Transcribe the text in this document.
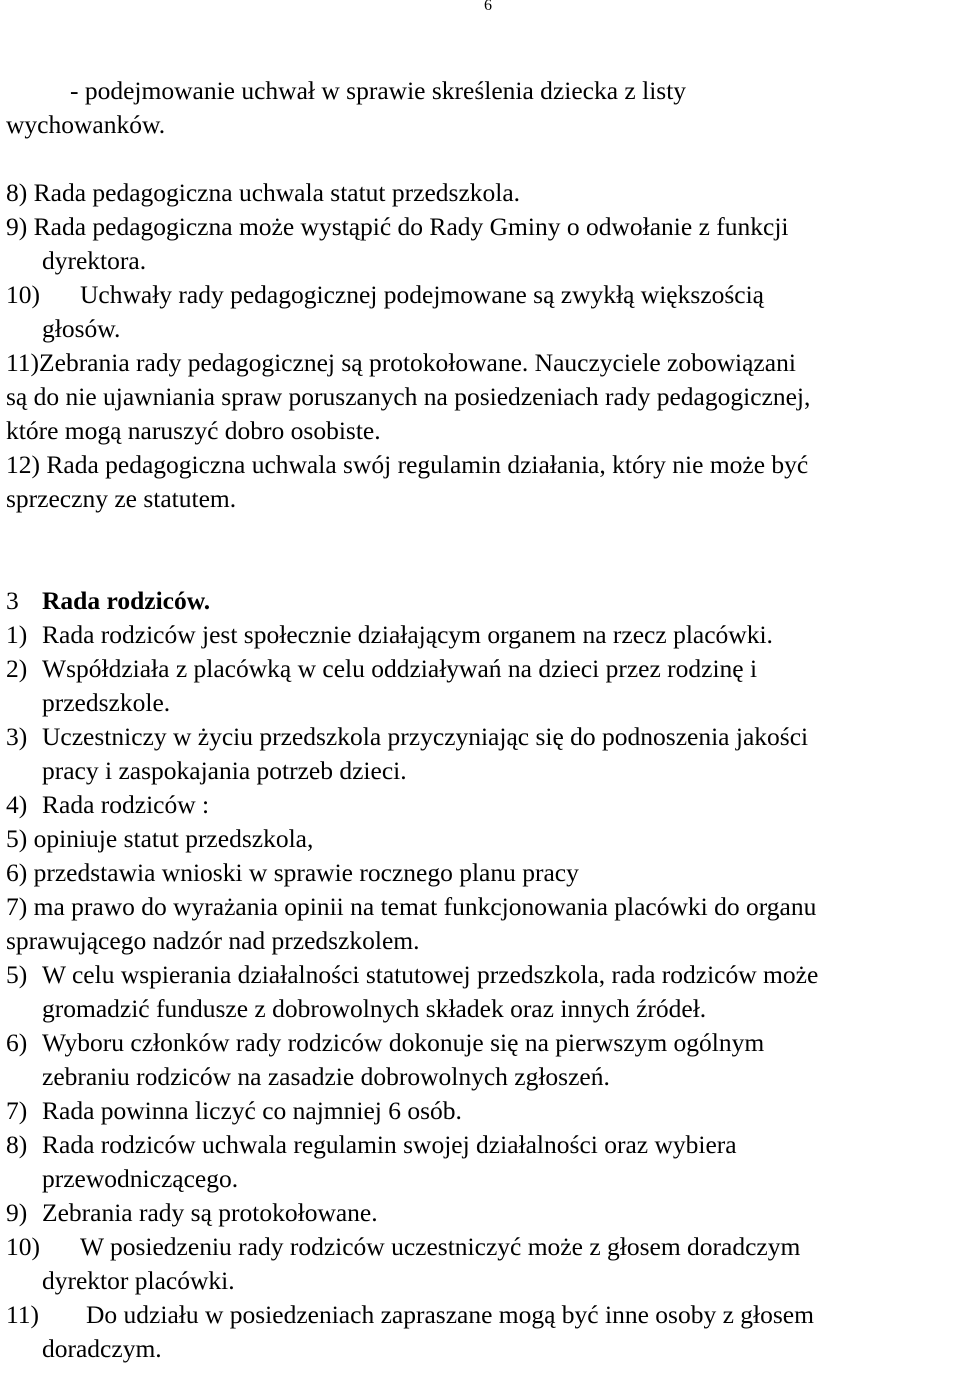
6
- podejmowanie uchwał w sprawie skreślenia dziecka z listy
wychowanków.
8) Rada pedagogiczna uchwala statut przedszkola.
9) Rada pedagogiczna może wystąpić do Rady Gminy o odwołanie z funkcji
dyrektora.
10) Uchwały rady pedagogicznej podejmowane są zwykłą większością
głosów.
11)Zebrania rady pedagogicznej są protokołowane. Nauczyciele zobowiązani
są do nie ujawniania spraw poruszanych na posiedzeniach rady pedagogicznej,
które mogą naruszyć dobro osobiste.
12) Rada pedagogiczna uchwala swój regulamin działania, który nie może być
sprzeczny ze statutem.
3 Rada rodziców.
1) Rada rodziców jest społecznie działającym organem na rzecz placówki.
2) Współdziała z placówką w celu oddziaływań na dzieci przez rodzinę i
przedszkole.
3) Uczestniczy w życiu przedszkola przyczyniając się do podnoszenia jakości
pracy i zaspokajania potrzeb dzieci.
4) Rada rodziców :
5) opiniuje statut przedszkola,
6) przedstawia wnioski w sprawie rocznego planu pracy
7) ma prawo do wyrażania opinii na temat funkcjonowania placówki do organu
sprawującego nadzór nad przedszkolem.
5) W celu wspierania działalności statutowej przedszkola, rada rodziców może
gromadzić fundusze z dobrowolnych składek oraz innych źródeł.
6) Wyboru członków rady rodziców dokonuje się na pierwszym ogólnym
zebraniu rodziców na zasadzie dobrowolnych zgłoszeń.
7) Rada powinna liczyć co najmniej 6 osób.
8) Rada rodziców uchwala regulamin swojej działalności oraz wybiera
przewodniczącego.
9) Zebrania rady są protokołowane.
10) W posiedzeniu rady rodziców uczestniczyć może z głosem doradczym
dyrektor placówki.
11) Do udziału w posiedzeniach zapraszane mogą być inne osoby z głosem
doradczym.
